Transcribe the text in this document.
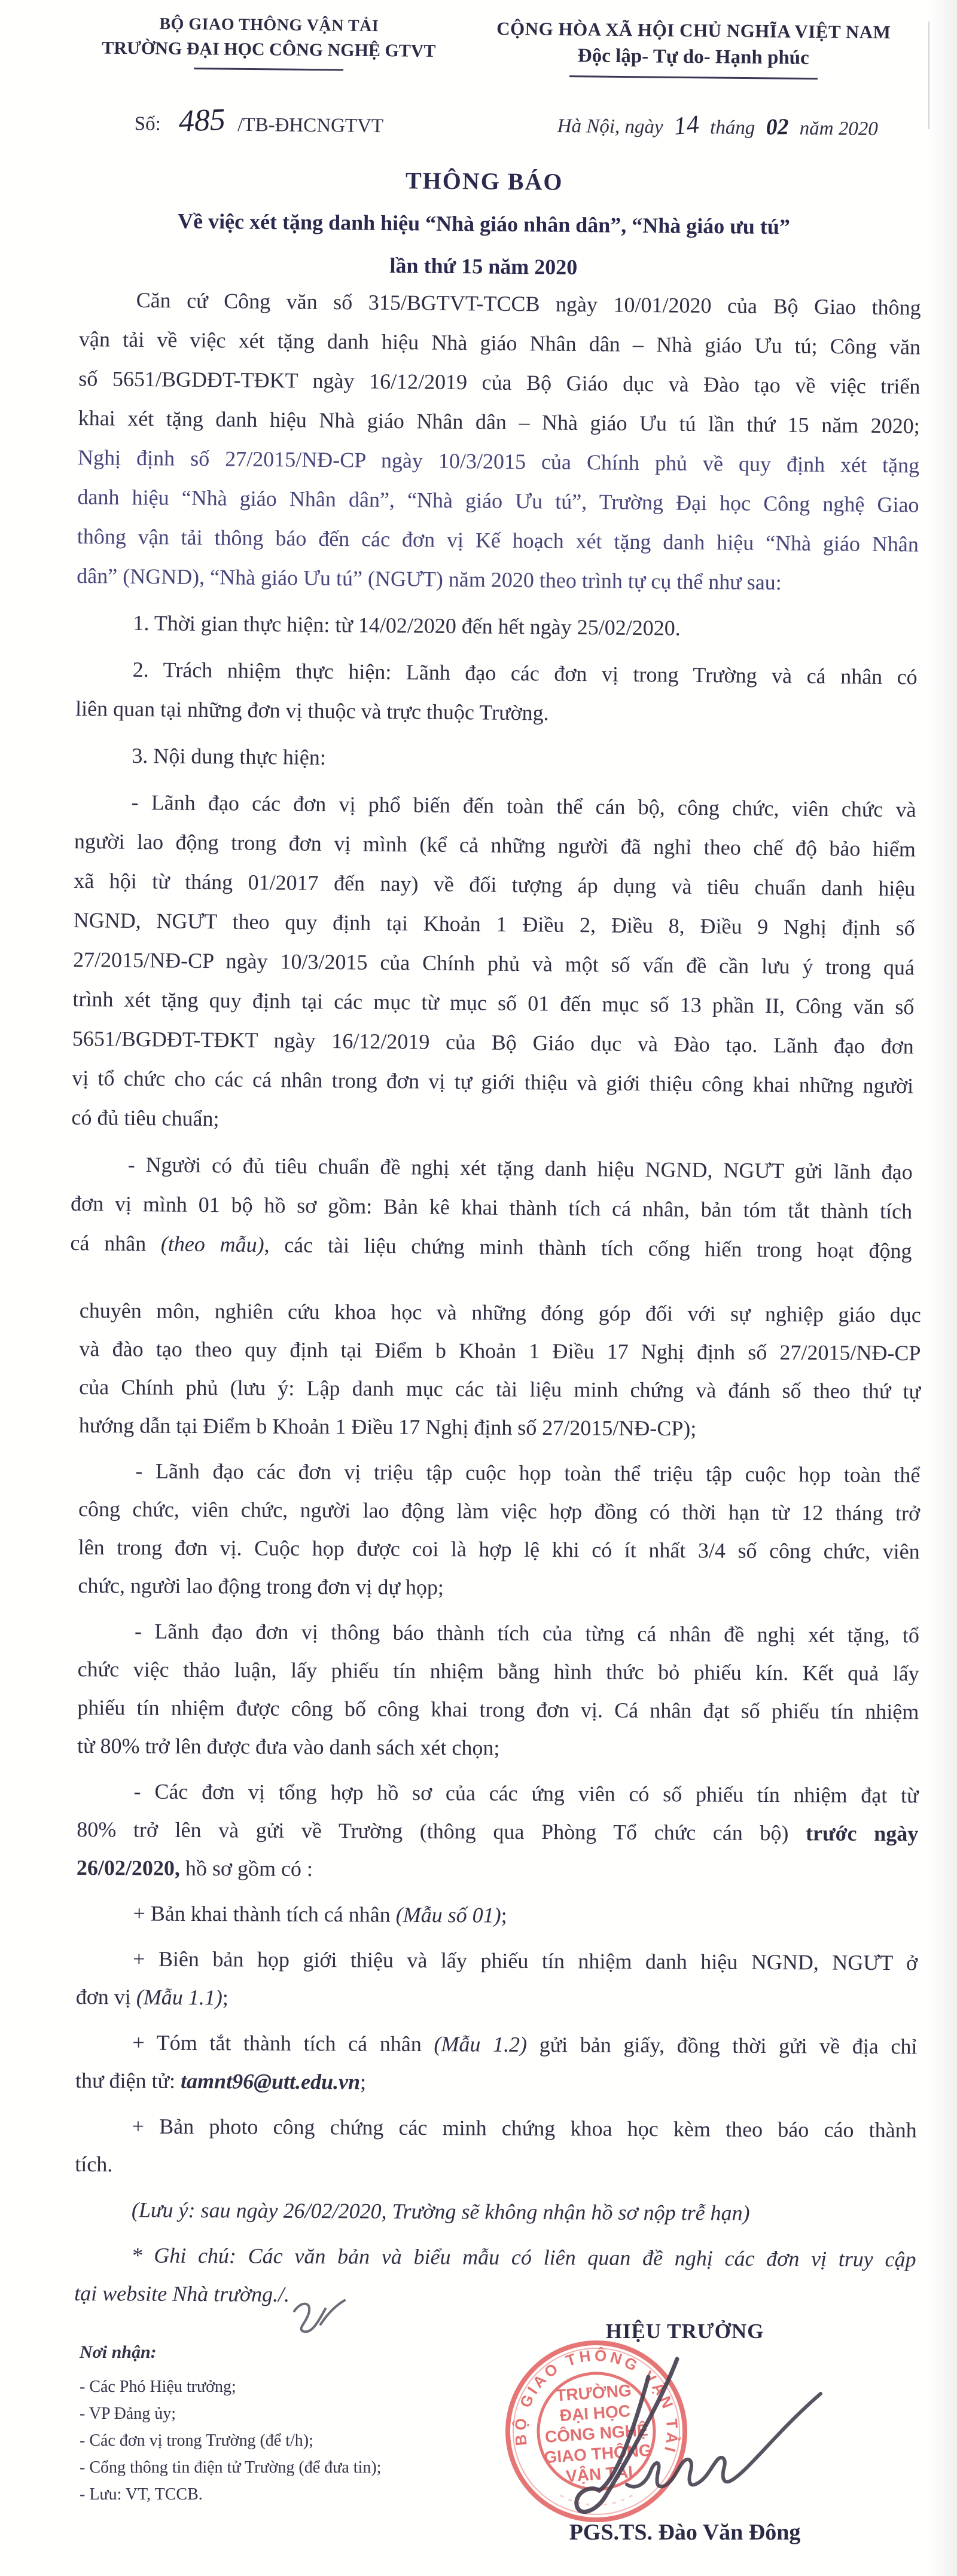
BỘ GIAO THÔNG VẬN TẢI
TRƯỜNG ĐẠI HỌC CÔNG NGHỆ GTVT
CỘNG HÒA XÃ HỘI CHỦ NGHĨA VIỆT NAM
Độc lập- Tự do- Hạnh phúc
Số: 485 /TB-ĐHCNGTVT	Hà Nội, ngày 14 tháng 02 năm 2020
THÔNG BÁO
Về việc xét tặng danh hiệu “Nhà giáo nhân dân”, “Nhà giáo ưu tú”
lần thứ 15 năm 2020
Căn cứ Công văn số 315/BGTVT-TCCB ngày 10/01/2020 của Bộ Giao thông
vận tải về việc xét tặng danh hiệu Nhà giáo Nhân dân – Nhà giáo Ưu tú; Công văn
số 5651/BGDĐT-TĐKT ngày 16/12/2019 của Bộ Giáo dục và Đào tạo về việc triển
khai xét tặng danh hiệu Nhà giáo Nhân dân – Nhà giáo Ưu tú lần thứ 15 năm 2020;
Nghị định số 27/2015/NĐ-CP ngày 10/3/2015 của Chính phủ về quy định xét tặng
danh hiệu “Nhà giáo Nhân dân”, “Nhà giáo Ưu tú”, Trường Đại học Công nghệ Giao
thông vận tải thông báo đến các đơn vị Kế hoạch xét tặng danh hiệu “Nhà giáo Nhân
dân” (NGND), “Nhà giáo Ưu tú” (NGƯT) năm 2020 theo trình tự cụ thể như sau:
1. Thời gian thực hiện: từ 14/02/2020 đến hết ngày 25/02/2020.
2. Trách nhiệm thực hiện: Lãnh đạo các đơn vị trong Trường và cá nhân có
liên quan tại những đơn vị thuộc và trực thuộc Trường.
3. Nội dung thực hiện:
- Lãnh đạo các đơn vị phổ biến đến toàn thể cán bộ, công chức, viên chức và
người lao động trong đơn vị mình (kể cả những người đã nghỉ theo chế độ bảo hiểm
xã hội từ tháng 01/2017 đến nay) về đối tượng áp dụng và tiêu chuẩn danh hiệu
NGND, NGƯT theo quy định tại Khoản 1 Điều 2, Điều 8, Điều 9 Nghị định số
27/2015/NĐ-CP ngày 10/3/2015 của Chính phủ và một số vấn đề cần lưu ý trong quá
trình xét tặng quy định tại các mục từ mục số 01 đến mục số 13 phần II, Công văn số
5651/BGDĐT-TĐKT ngày 16/12/2019 của Bộ Giáo dục và Đào tạo. Lãnh đạo đơn
vị tổ chức cho các cá nhân trong đơn vị tự giới thiệu và giới thiệu công khai những người
có đủ tiêu chuẩn;
- Người có đủ tiêu chuẩn đề nghị xét tặng danh hiệu NGND, NGƯT gửi lãnh đạo
đơn vị mình 01 bộ hồ sơ gồm: Bản kê khai thành tích cá nhân, bản tóm tắt thành tích
cá nhân (theo mẫu), các tài liệu chứng minh thành tích cống hiến trong hoạt động
chuyên môn, nghiên cứu khoa học và những đóng góp đối với sự nghiệp giáo dục
và đào tạo theo quy định tại Điểm b Khoản 1 Điều 17 Nghị định số 27/2015/NĐ-CP
của Chính phủ (lưu ý: Lập danh mục các tài liệu minh chứng và đánh số theo thứ tự
hướng dẫn tại Điểm b Khoản 1 Điều 17 Nghị định số 27/2015/NĐ-CP);
- Lãnh đạo các đơn vị triệu tập cuộc họp toàn thể triệu tập cuộc họp toàn thể
công chức, viên chức, người lao động làm việc hợp đồng có thời hạn từ 12 tháng trở
lên trong đơn vị. Cuộc họp được coi là hợp lệ khi có ít nhất 3/4 số công chức, viên
chức, người lao động trong đơn vị dự họp;
- Lãnh đạo đơn vị thông báo thành tích của từng cá nhân đề nghị xét tặng, tổ
chức việc thảo luận, lấy phiếu tín nhiệm bằng hình thức bỏ phiếu kín. Kết quả lấy
phiếu tín nhiệm được công bố công khai trong đơn vị. Cá nhân đạt số phiếu tín nhiệm
từ 80% trở lên được đưa vào danh sách xét chọn;
- Các đơn vị tổng hợp hồ sơ của các ứng viên có số phiếu tín nhiệm đạt từ
80% trở lên và gửi về Trường (thông qua Phòng Tổ chức cán bộ) trước ngày
26/02/2020, hồ sơ gồm có :
+ Bản khai thành tích cá nhân (Mẫu số 01);
+ Biên bản họp giới thiệu và lấy phiếu tín nhiệm danh hiệu NGND, NGƯT ở
đơn vị (Mẫu 1.1);
+ Tóm tắt thành tích cá nhân (Mẫu 1.2) gửi bản giấy, đồng thời gửi về địa chỉ
thư điện tử: tamnt96@utt.edu.vn;
+ Bản photo công chứng các minh chứng khoa học kèm theo báo cáo thành
tích.
(Lưu ý: sau ngày 26/02/2020, Trường sẽ không nhận hồ sơ nộp trễ hạn)
* Ghi chú: Các văn bản và biểu mẫu có liên quan đề nghị các đơn vị truy cập
tại website Nhà trường./.
Nơi nhận:
- Các Phó Hiệu trưởng;
- VP Đảng ủy;
- Các đơn vị trong Trường (để t/h);
- Cổng thông tin điện tử Trường (để đưa tin);
- Lưu: VT, TCCB.
HIỆU TRƯỞNG
BỘ GIAO THÔNG VẬN TẢI
TRƯỜNG
ĐẠI HỌC
CÔNG NGHỆ
GIAO THÔNG
VẬN TẢI
PGS.TS. Đào Văn Đông
